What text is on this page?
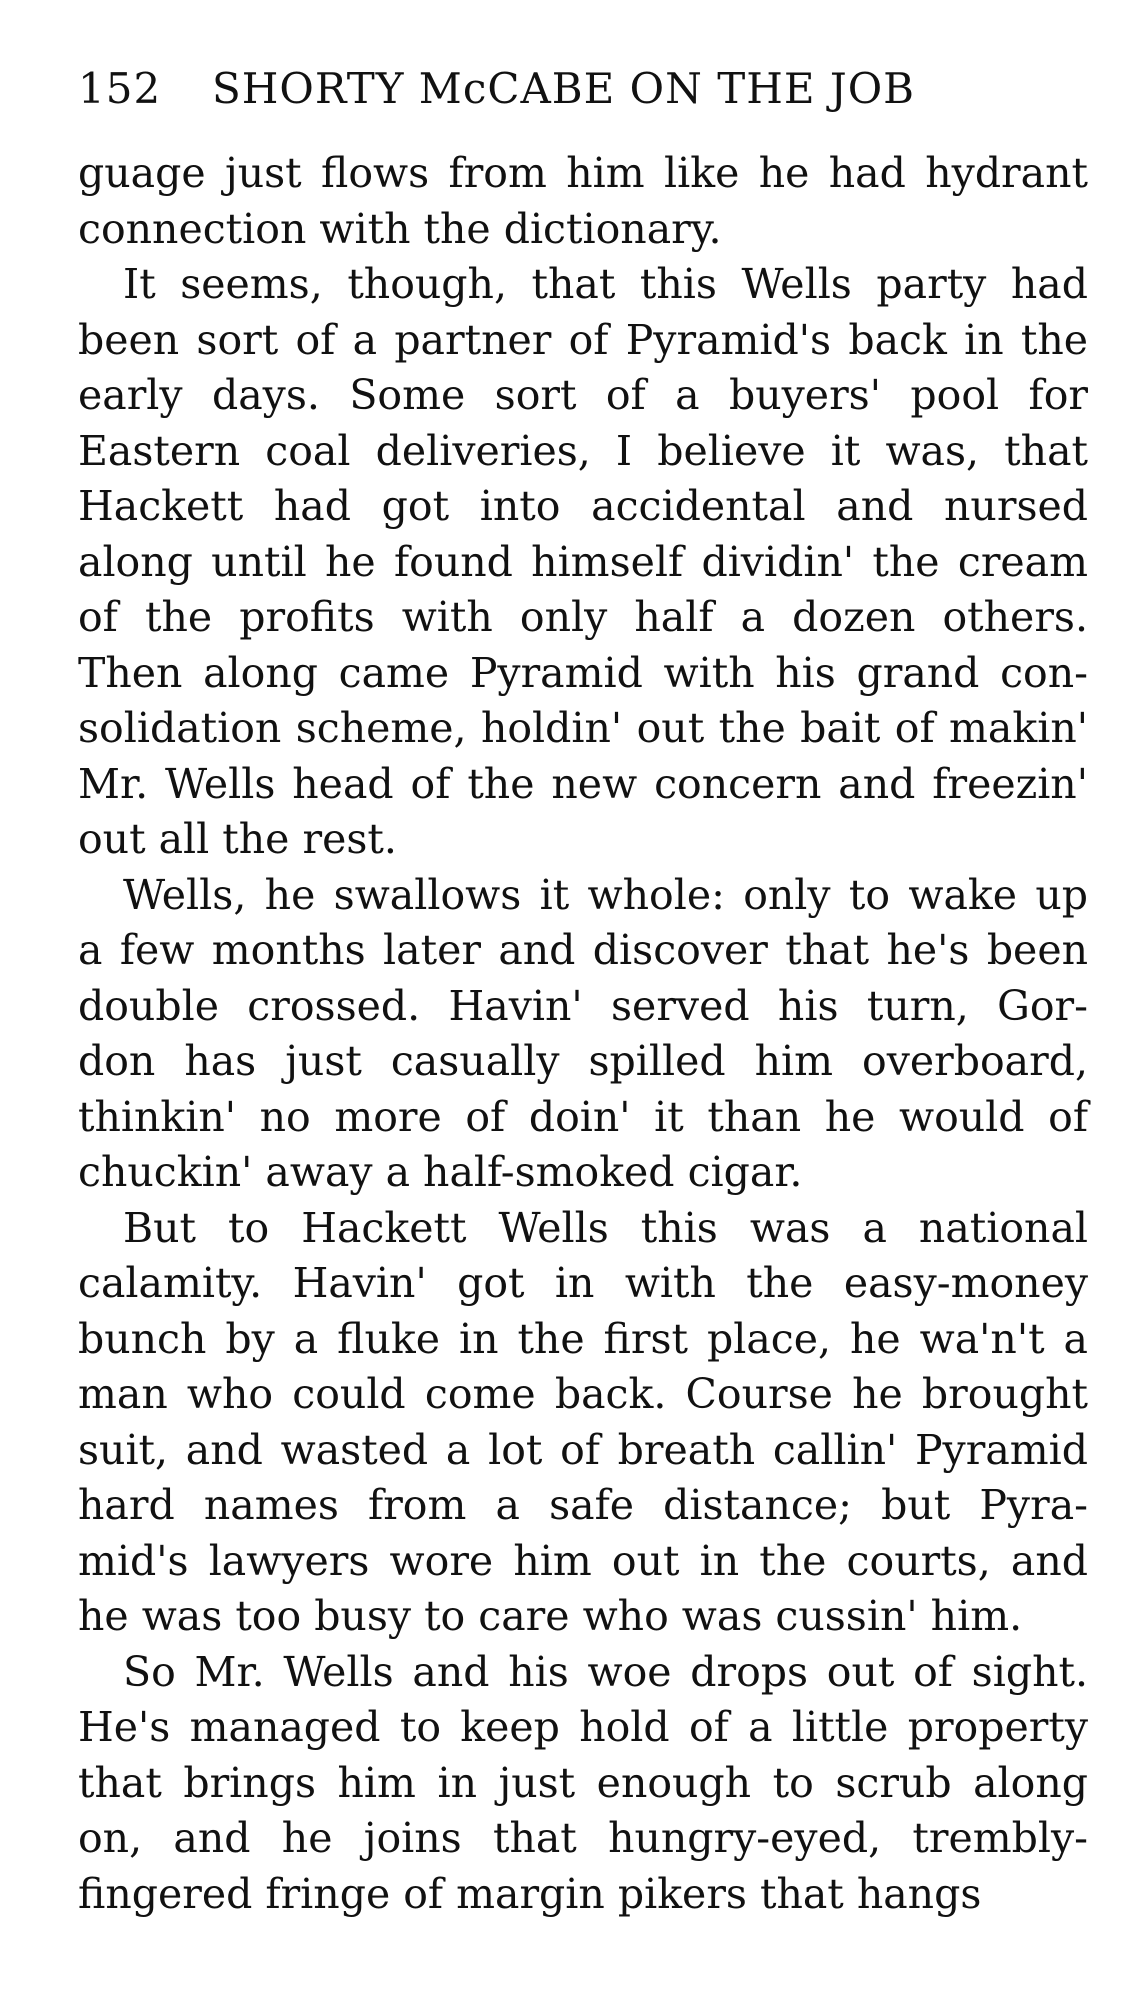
152 SHORTY McCABE ON THE JOB
guage just flows from him like he had hydrant
connection with the dictionary.
It seems, though, that this Wells party had
been sort of a partner of Pyramid's back in the
early days. Some sort of a buyers' pool for
Eastern coal deliveries, I believe it was, that
Hackett had got into accidental and nursed
along until he found himself dividin' the cream
of the profits with only half a dozen others.
Then along came Pyramid with his grand con-
solidation scheme, holdin' out the bait of makin'
Mr. Wells head of the new concern and freezin'
out all the rest.
Wells, he swallows it whole: only to wake up
a few months later and discover that he's been
double crossed. Havin' served his turn, Gor-
don has just casually spilled him overboard,
thinkin' no more of doin' it than he would of
chuckin' away a half-smoked cigar.
But to Hackett Wells this was a national
calamity. Havin' got in with the easy-money
bunch by a fluke in the first place, he wa'n't a
man who could come back. Course he brought
suit, and wasted a lot of breath callin' Pyramid
hard names from a safe distance; but Pyra-
mid's lawyers wore him out in the courts, and
he was too busy to care who was cussin' him.
So Mr. Wells and his woe drops out of sight.
He's managed to keep hold of a little property
that brings him in just enough to scrub along
on, and he joins that hungry-eyed, trembly-
fingered fringe of margin pikers that hangs
